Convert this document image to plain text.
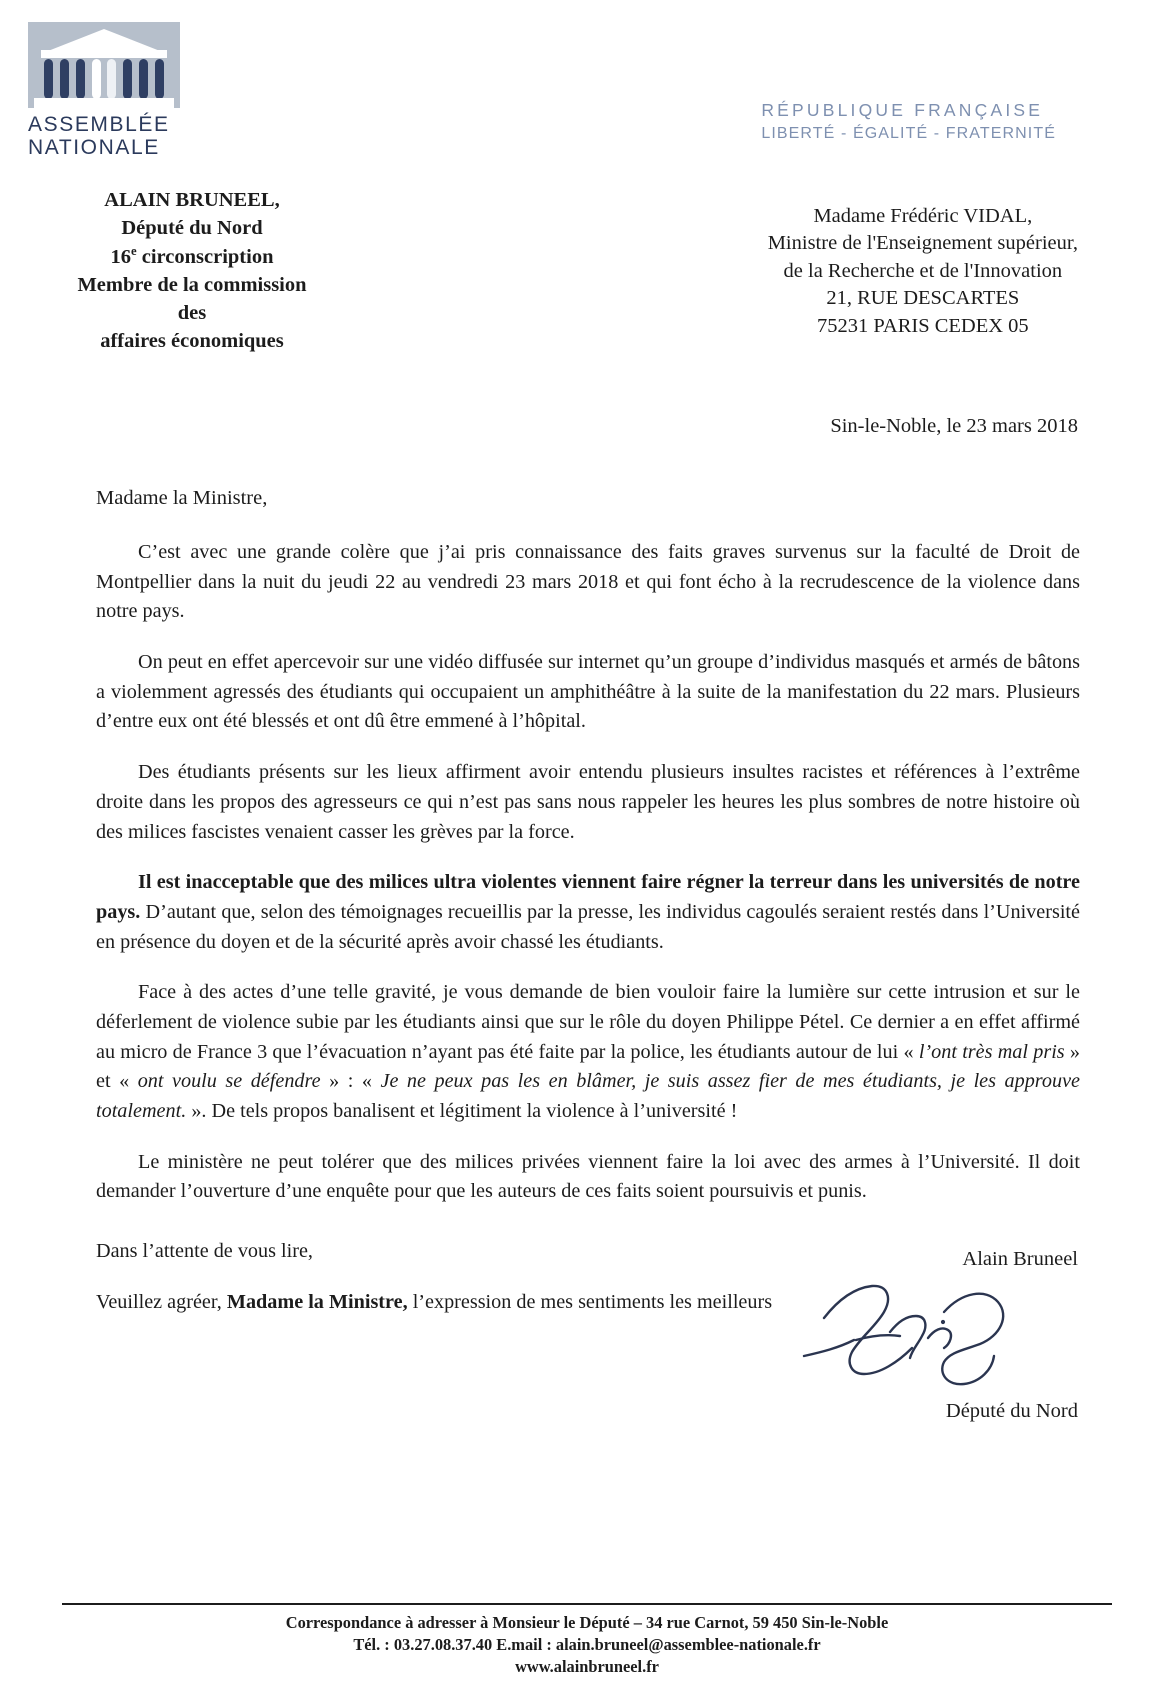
ASSEMBLÉE
NATIONALE
RÉPUBLIQUE FRANÇAISE
LIBERTÉ - ÉGALITÉ - FRATERNITÉ
ALAIN BRUNEEL,
Député du Nord
16e circonscription
Membre de la commission des
affaires économiques
Madame Frédéric VIDAL,
Ministre de l'Enseignement supérieur,
de la Recherche et de l'Innovation
21, RUE DESCARTES
75231 PARIS CEDEX 05
Sin-le-Noble, le 23 mars 2018
Madame la Ministre,

C’est avec une grande colère que j’ai pris connaissance des faits graves survenus sur la faculté de Droit de Montpellier dans la nuit du jeudi 22 au vendredi 23 mars 2018 et qui font écho à la recrudescence de la violence dans notre pays.

On peut en effet apercevoir sur une vidéo diffusée sur internet qu’un groupe d’individus masqués et armés de bâtons a violemment agressés des étudiants qui occupaient un amphithéâtre à la suite de la manifestation du 22 mars. Plusieurs d’entre eux ont été blessés et ont dû être emmené à l’hôpital.

Des étudiants présents sur les lieux affirment avoir entendu plusieurs insultes racistes et références à l’extrême droite dans les propos des agresseurs ce qui n’est pas sans nous rappeler les heures les plus sombres de notre histoire où des milices fascistes venaient casser les grèves par la force.

Il est inacceptable que des milices ultra violentes viennent faire régner la terreur dans les universités de notre pays. D’autant que, selon des témoignages recueillis par la presse, les individus cagoulés seraient restés dans l’Université en présence du doyen et de la sécurité après avoir chassé les étudiants.

Face à des actes d’une telle gravité, je vous demande de bien vouloir faire la lumière sur cette intrusion et sur le déferlement de violence subie par les étudiants ainsi que sur le rôle du doyen Philippe Pétel. Ce dernier a en effet affirmé au micro de France 3 que l’évacuation n’ayant pas été faite par la police, les étudiants autour de lui « l’ont très mal pris » et « ont voulu se défendre » : « Je ne peux pas les en blâmer, je suis assez fier de mes étudiants, je les approuve totalement. ». De tels propos banalisent et légitiment la violence à l’université !

Le ministère ne peut tolérer que des milices privées viennent faire la loi avec des armes à l’Université. Il doit demander l’ouverture d’une enquête pour que les auteurs de ces faits soient poursuivis et punis.

Dans l’attente de vous lire,

Veuillez agréer, Madame la Ministre, l’expression de mes sentiments les meilleurs

Alain Bruneel
Député du Nord
Correspondance à adresser à Monsieur le Député – 34 rue Carnot, 59 450 Sin-le-Noble
Tél. : 03.27.08.37.40 E.mail : alain.bruneel@assemblee-nationale.fr
www.alainbruneel.fr
